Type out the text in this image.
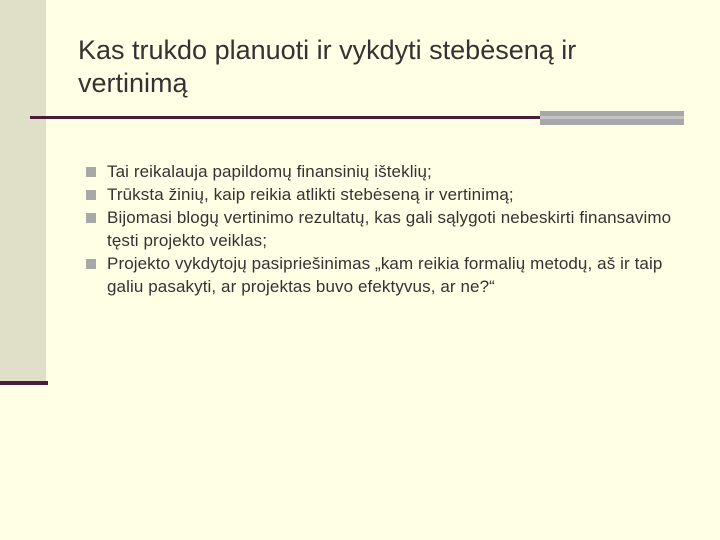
Kas trukdo planuoti ir vykdyti stebėseną ir vertinimą
Tai reikalauja papildomų finansinių išteklių;
Trūksta žinių, kaip reikia atlikti stebėseną ir vertinimą;
Bijomasi blogų vertinimo rezultatų, kas gali sąlygoti nebeskirti finansavimo tęsti projekto veiklas;
Projekto vykdytojų pasipriešinimas „kam reikia formalių metodų, aš ir taip galiu pasakyti, ar projektas buvo efektyvus, ar ne?“
